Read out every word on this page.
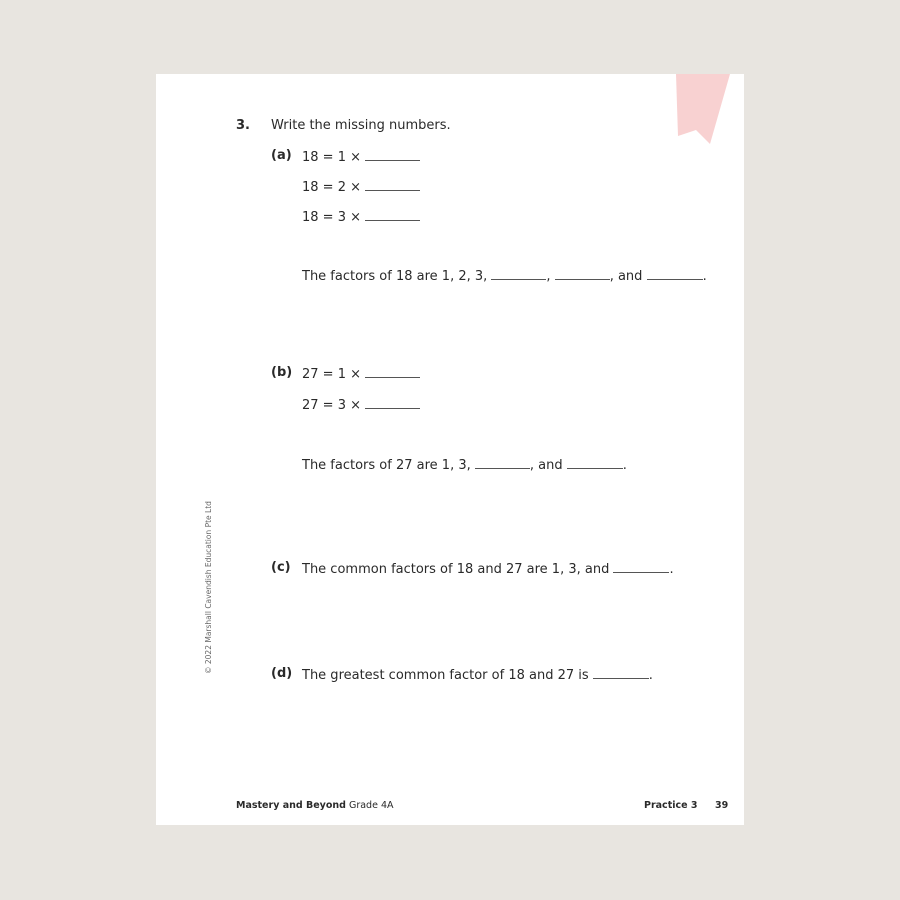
3. Write the missing numbers.
(a) 18 = 1 ×
18 = 2 ×
18 = 3 ×
The factors of 18 are 1, 2, 3,	,	, and	.
(b) 27 = 1 ×
27 = 3 ×
The factors of 27 are 1, 3,	, and	.
(c) The common factors of 18 and 27 are 1, 3, and	.
(d) The greatest common factor of 18 and 27 is	.
© 2022 Marshall Cavendish Education Pte Ltd
Mastery and Beyond Grade 4A	Practice 3 39
